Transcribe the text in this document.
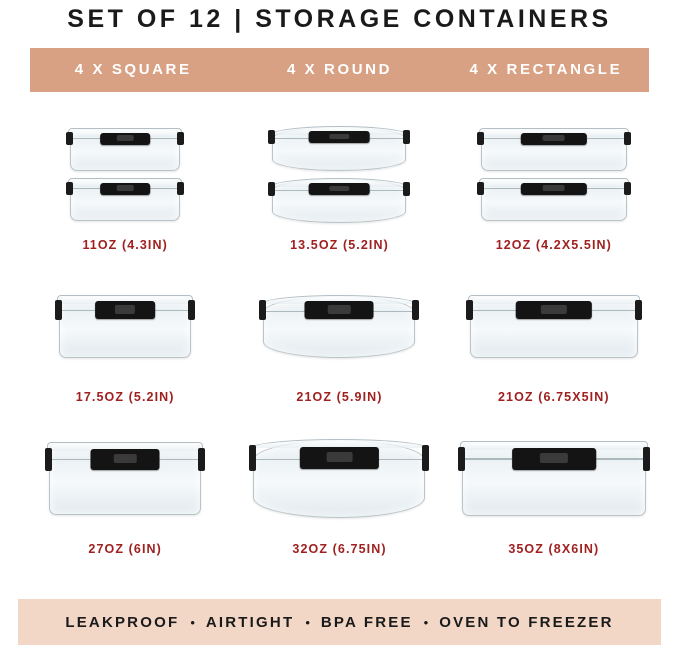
SET OF 12 | STORAGE CONTAINERS
4 X SQUARE	4 X ROUND	4 X RECTANGLE
11OZ (4.3IN)	13.5OZ (5.2IN)	12OZ (4.2X5.5IN)
17.5OZ (5.2IN)	21OZ (5.9IN)	21OZ (6.75X5IN)
27OZ (6IN)	32OZ (6.75IN)	35OZ (8X6IN)
LEAKPROOF • AIRTIGHT • BPA FREE • OVEN TO FREEZER
